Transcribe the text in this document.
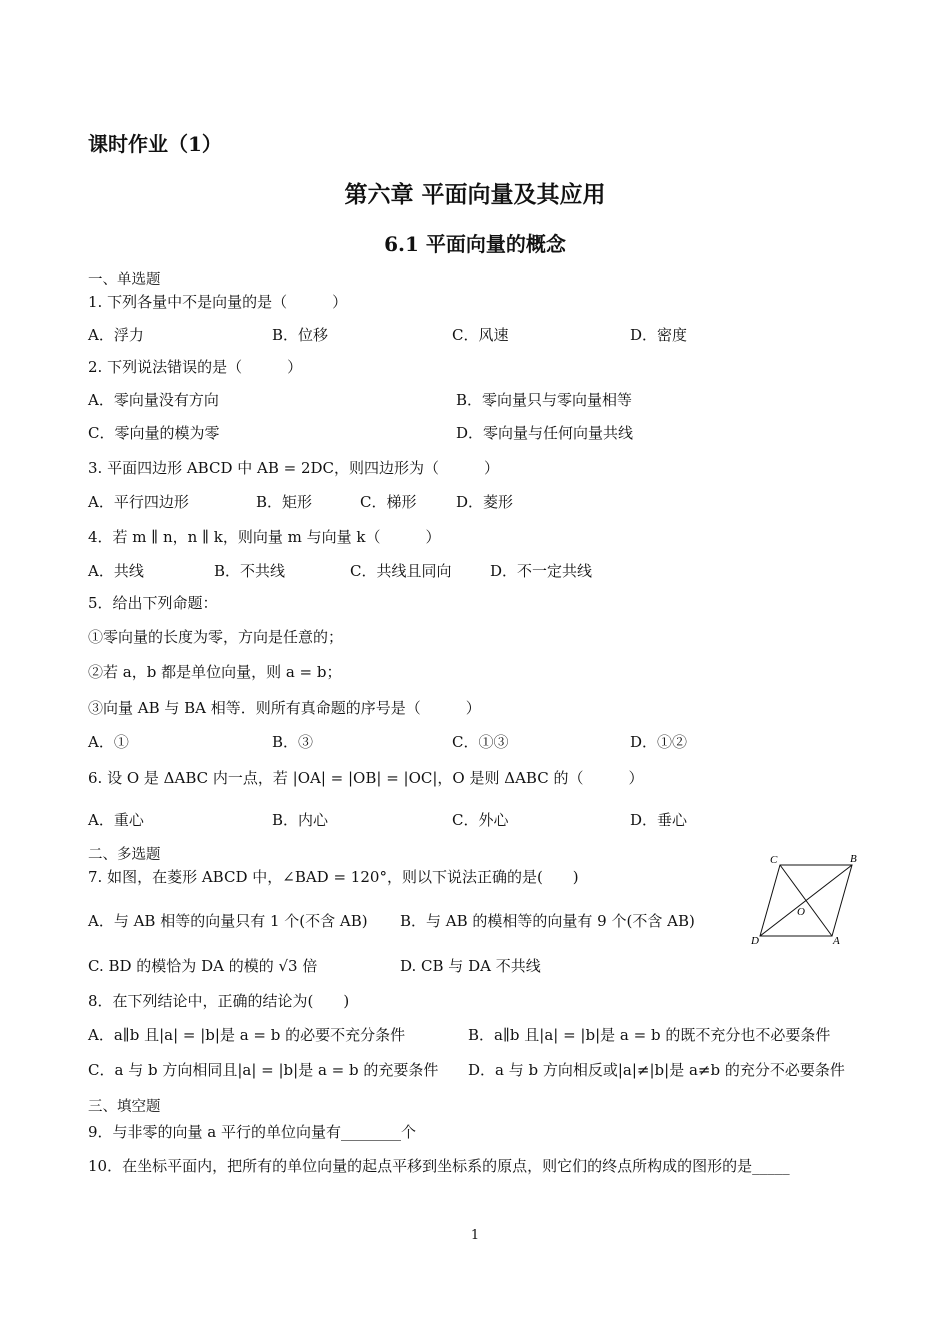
课时作业（1）
第六章 平面向量及其应用
6.1 平面向量的概念
一、单选题
1. 下列各量中不是向量的是（　　　）
A．浮力	B．位移	C．风速	D．密度
2. 下列说法错误的是（　　　）
A．零向量没有方向	B．零向量只与零向量相等
C．零向量的模为零	D．零向量与任何向量共线
3. 平面四边形 ABCD 中 AB = 2DC，则四边形为（　　　）
A．平行四边形	B．矩形	C．梯形	D．菱形
4．若 m ∥ n，n ∥ k，则向量 m 与向量 k（　　　）
A．共线	B．不共线	C．共线且同向	D．不一定共线
5．给出下列命题：
①零向量的长度为零，方向是任意的；
②若 a，b 都是单位向量，则 a = b；
③向量 AB 与 BA 相等．则所有真命题的序号是（　　　）
A．①	B．③	C．①③	D．①②
6. 设 O 是 ΔABC 内一点，若 |OA| = |OB| = |OC|，O 是则 ΔABC 的（　　　）
A．重心	B．内心	C．外心	D．垂心
二、多选题
7. 如图，在菱形 ABCD 中，∠BAD = 120°，则以下说法正确的是(　　)
A．与 AB 相等的向量只有 1 个(不含 AB) B．与 AB 的模相等的向量有 9 个(不含 AB)
C. BD 的模恰为 DA 的模的 √3 倍	D. CB 与 DA 不共线
C	B
O
D	A
8．在下列结论中，正确的结论为(　　)
A．a∥b 且|a| = |b|是 a = b 的必要不充分条件	B．a∥b 且|a| = |b|是 a = b 的既不充分也不必要条件
C．a 与 b 方向相同且|a| = |b|是 a = b 的充要条件 D．a 与 b 方向相反或|a|≠|b|是 a≠b 的充分不必要条件
三、填空题
9．与非零的向量 a 平行的单位向量有________个
10．在坐标平面内，把所有的单位向量的起点平移到坐标系的原点，则它们的终点所构成的图形的是_____
1
